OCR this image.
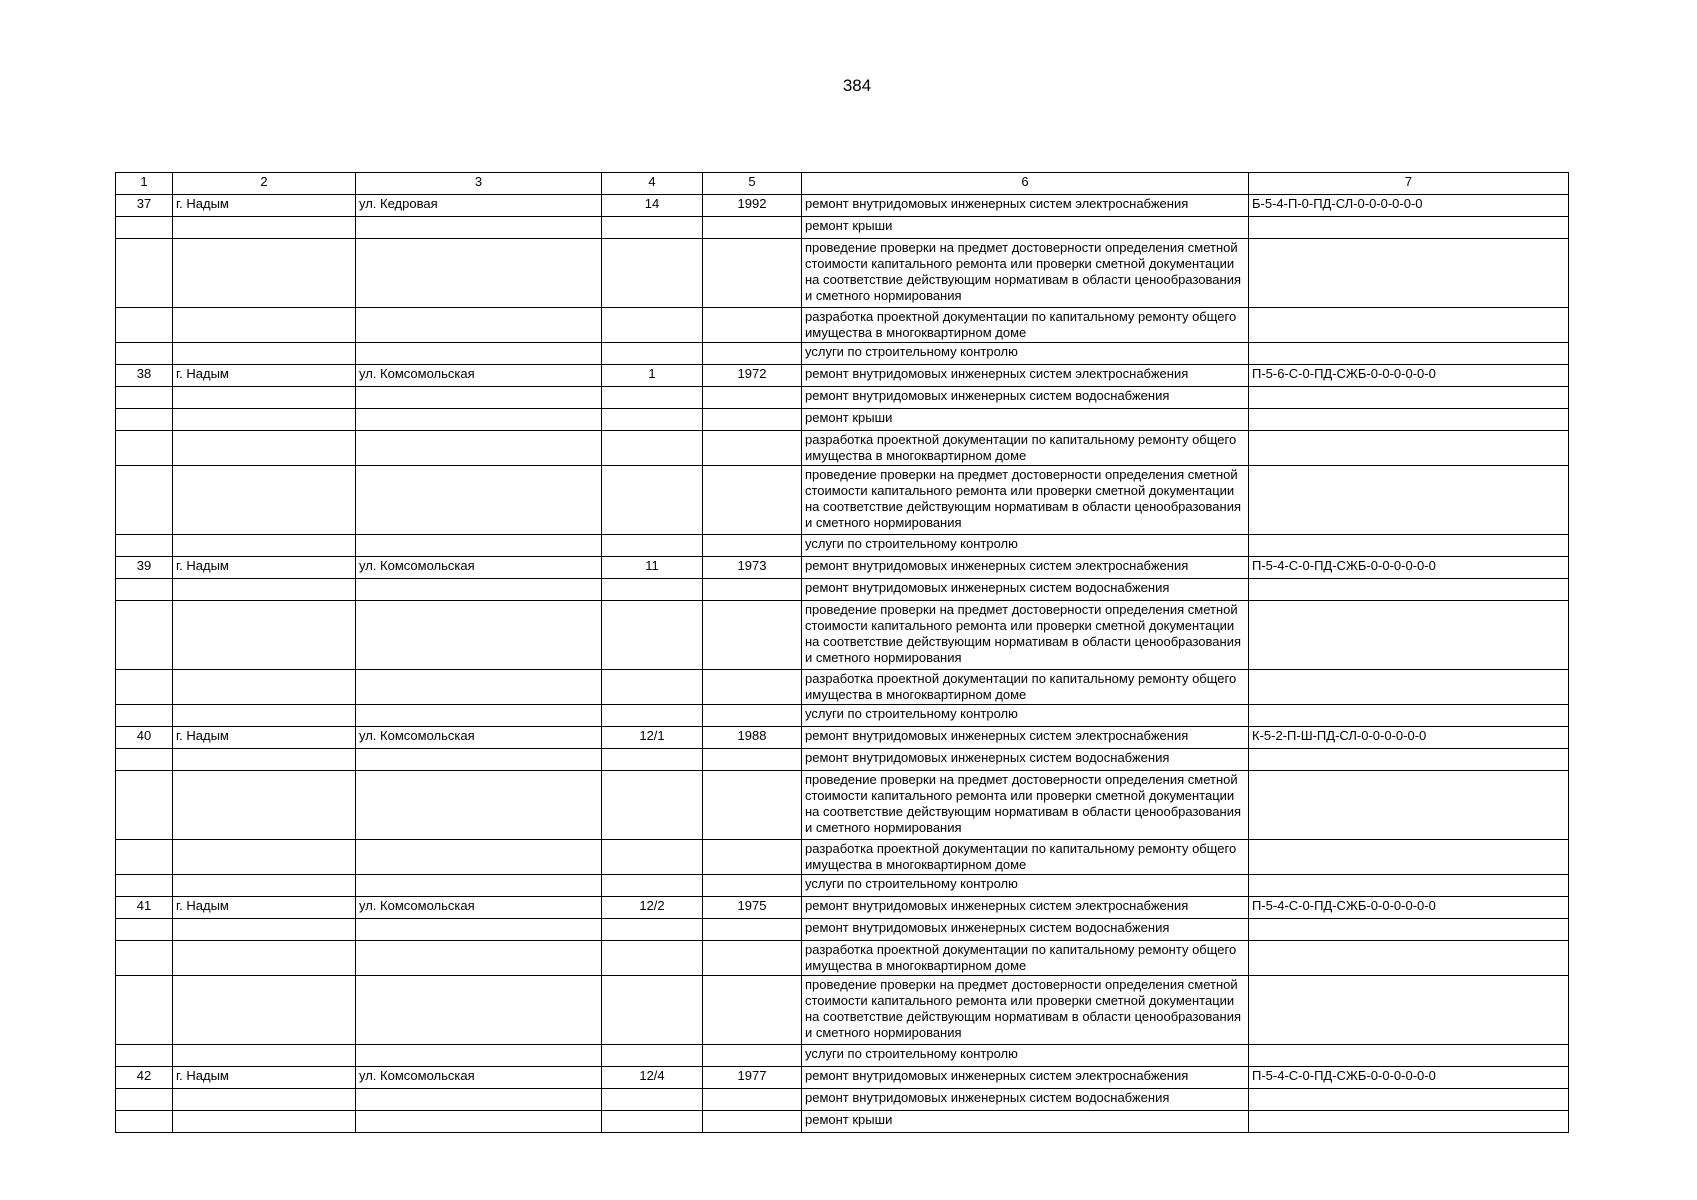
384
1	2	3	4	5	6	7
37	г. Надым	ул. Кедровая	14	1992	ремонт внутридомовых инженерных систем электроснабжения	Б-5-4-П-0-ПД-СЛ-0-0-0-0-0-0
					ремонт крыши	
					проведение проверки на предмет достоверности определения сметной стоимости капитального ремонта или проверки сметной документации на соответствие действующим нормативам в области ценообразования и сметного нормирования	
					разработка проектной документации по капитальному ремонту общего имущества в многоквартирном доме	
					услуги по строительному контролю	
38	г. Надым	ул. Комсомольская	1	1972	ремонт внутридомовых инженерных систем электроснабжения	П-5-6-С-0-ПД-СЖБ-0-0-0-0-0-0
					ремонт внутридомовых инженерных систем водоснабжения	
					ремонт крыши	
					разработка проектной документации по капитальному ремонту общего имущества в многоквартирном доме	
					проведение проверки на предмет достоверности определения сметной стоимости капитального ремонта или проверки сметной документации на соответствие действующим нормативам в области ценообразования и сметного нормирования	
					услуги по строительному контролю	
39	г. Надым	ул. Комсомольская	11	1973	ремонт внутридомовых инженерных систем электроснабжения	П-5-4-С-0-ПД-СЖБ-0-0-0-0-0-0
					ремонт внутридомовых инженерных систем водоснабжения	
					проведение проверки на предмет достоверности определения сметной стоимости капитального ремонта или проверки сметной документации на соответствие действующим нормативам в области ценообразования и сметного нормирования	
					разработка проектной документации по капитальному ремонту общего имущества в многоквартирном доме	
					услуги по строительному контролю	
40	г. Надым	ул. Комсомольская	12/1	1988	ремонт внутридомовых инженерных систем электроснабжения	К-5-2-П-Ш-ПД-СЛ-0-0-0-0-0-0
					ремонт внутридомовых инженерных систем водоснабжения	
					проведение проверки на предмет достоверности определения сметной стоимости капитального ремонта или проверки сметной документации на соответствие действующим нормативам в области ценообразования и сметного нормирования	
					разработка проектной документации по капитальному ремонту общего имущества в многоквартирном доме	
					услуги по строительному контролю	
41	г. Надым	ул. Комсомольская	12/2	1975	ремонт внутридомовых инженерных систем электроснабжения	П-5-4-С-0-ПД-СЖБ-0-0-0-0-0-0
					ремонт внутридомовых инженерных систем водоснабжения	
					разработка проектной документации по капитальному ремонту общего имущества в многоквартирном доме	
					проведение проверки на предмет достоверности определения сметной стоимости капитального ремонта или проверки сметной документации на соответствие действующим нормативам в области ценообразования и сметного нормирования	
					услуги по строительному контролю	
42	г. Надым	ул. Комсомольская	12/4	1977	ремонт внутридомовых инженерных систем электроснабжения	П-5-4-С-0-ПД-СЖБ-0-0-0-0-0-0
					ремонт внутридомовых инженерных систем водоснабжения	
					ремонт крыши	
